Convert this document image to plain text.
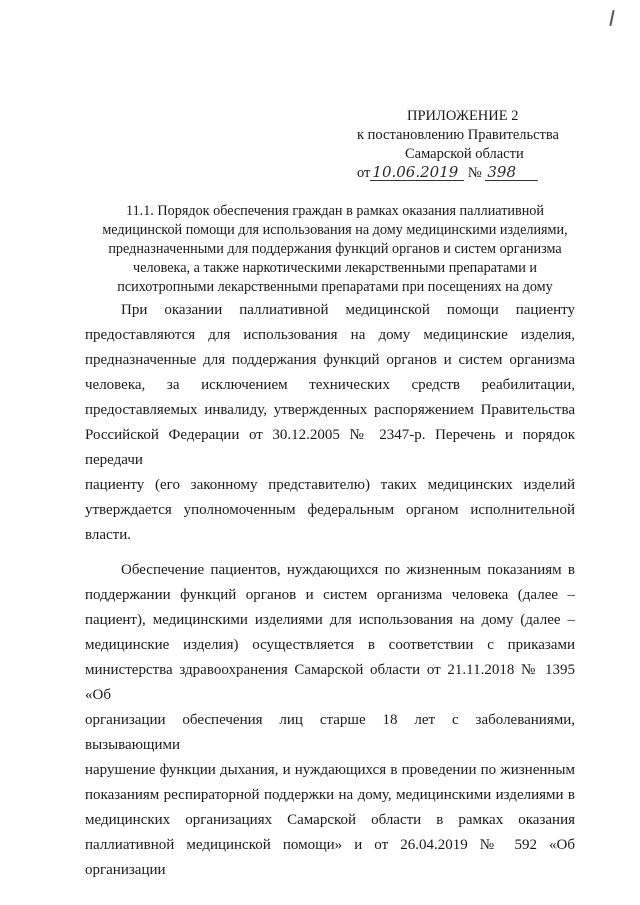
ПРИЛОЖЕНИЕ 2
к постановлению Правительства
Самарской области
от 10.06.2019 № 398
11.1. Порядок обеспечения граждан в рамках оказания паллиативной
медицинской помощи для использования на дому медицинскими изделиями,
предназначенными для поддержания функций органов и систем организма
человека, а также наркотическими лекарственными препаратами и
психотропными лекарственными препаратами при посещениях на дому
При оказании паллиативной медицинской помощи пациенту
предоставляются для использования на дому медицинские изделия,
предназначенные для поддержания функций органов и систем организма
человека, за исключением технических средств реабилитации,
предоставляемых инвалиду, утвержденных распоряжением Правительства
Российской Федерации от 30.12.2005 № 2347-р. Перечень и порядок передачи
пациенту (его законному представителю) таких медицинских изделий
утверждается уполномоченным федеральным органом исполнительной
власти.
Обеспечение пациентов, нуждающихся по жизненным показаниям в
поддержании функций органов и систем организма человека (далее –
пациент), медицинскими изделиями для использования на дому (далее –
медицинские изделия) осуществляется в соответствии с приказами
министерства здравоохранения Самарской области от 21.11.2018 № 1395 «Об
организации обеспечения лиц старше 18 лет с заболеваниями, вызывающими
нарушение функции дыхания, и нуждающихся в проведении по жизненным
показаниям респираторной поддержки на дому, медицинскими изделиями в
медицинских организациях Самарской области в рамках оказания
паллиативной медицинской помощи» и от 26.04.2019 № 592 «Об организации
